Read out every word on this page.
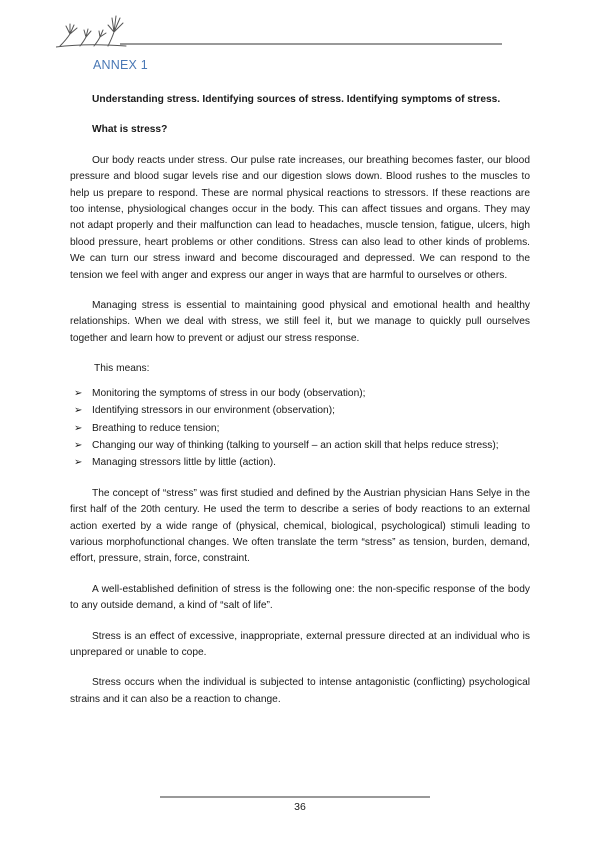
ANNEX 1
Understanding stress. Identifying sources of stress. Identifying symptoms of stress.
What is stress?

Our body reacts under stress. Our pulse rate increases, our breathing becomes faster, our blood pressure and blood sugar levels rise and our digestion slows down. Blood rushes to the muscles to help us prepare to respond. These are normal physical reactions to stressors. If these reactions are too intense, physiological changes occur in the body. This can affect tissues and organs. They may not adapt properly and their malfunction can lead to headaches, muscle tension, fatigue, ulcers, high blood pressure, heart problems or other conditions. Stress can also lead to other kinds of problems. We can turn our stress inward and become discouraged and depressed. We can respond to the tension we feel with anger and express our anger in ways that are harmful to ourselves or others.

Managing stress is essential to maintaining good physical and emotional health and healthy relationships. When we deal with stress, we still feel it, but we manage to quickly pull ourselves together and learn how to prevent or adjust our stress response.

This means:
➢ Monitoring the symptoms of stress in our body (observation);
➢ Identifying stressors in our environment (observation);
➢ Breathing to reduce tension;
➢ Changing our way of thinking (talking to yourself – an action skill that helps reduce stress);
➢ Managing stressors little by little (action).

The concept of “stress” was first studied and defined by the Austrian physician Hans Selye in the first half of the 20th century. He used the term to describe a series of body reactions to an external action exerted by a wide range of (physical, chemical, biological, psychological) stimuli leading to various morphofunctional changes. We often translate the term “stress” as tension, burden, demand, effort, pressure, strain, force, constraint.

A well-established definition of stress is the following one: the non-specific response of the body to any outside demand, a kind of “salt of life”.

Stress is an effect of excessive, inappropriate, external pressure directed at an individual who is unprepared or unable to cope.

Stress occurs when the individual is subjected to intense antagonistic (conflicting) psychological strains and it can also be a reaction to change.

36
